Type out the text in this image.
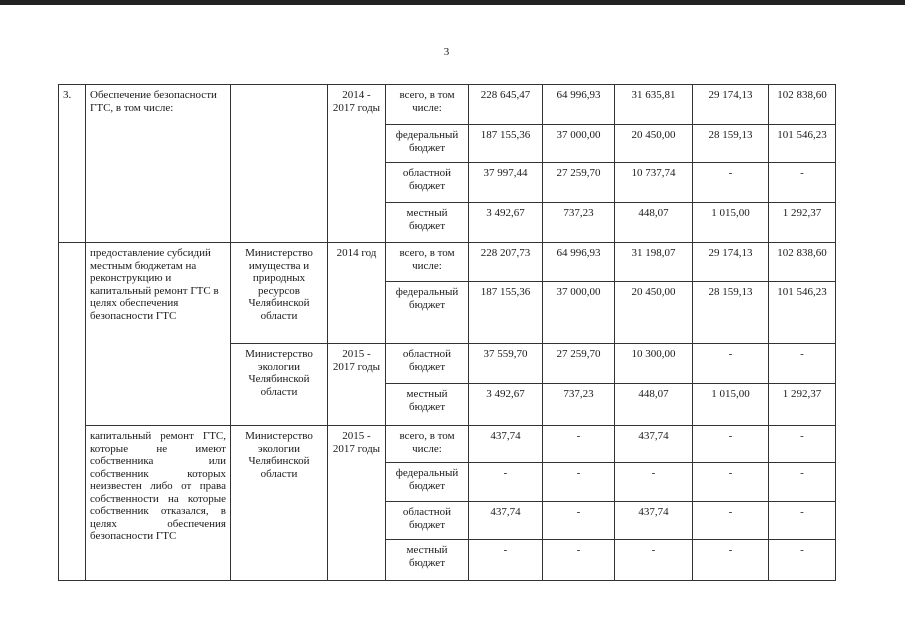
3
3.	Обеспечение безопасности ГТС, в том числе:		2014 - 2017 годы	всего, в том числе:	228 645,47	64 996,93	31 635,81	29 174,13	102 838,60
				федеральный бюджет	187 155,36	37 000,00	20 450,00	28 159,13	101 546,23
				областной бюджет	37 997,44	27 259,70	10 737,74	-	-
				местный бюджет	3 492,67	737,23	448,07	1 015,00	1 292,37
	предоставление субсидий местным бюджетам на реконструкцию и капитальный ремонт ГТС в целях обеспечения безопасности ГТС	Министерство имущества и природных ресурсов Челябинской области	2014 год	всего, в том числе:	228 207,73	64 996,93	31 198,07	29 174,13	102 838,60
				федеральный бюджет	187 155,36	37 000,00	20 450,00	28 159,13	101 546,23
		Министерство экологии Челябинской области	2015 - 2017 годы	областной бюджет	37 559,70	27 259,70	10 300,00	-	-
				местный бюджет	3 492,67	737,23	448,07	1 015,00	1 292,37
	капитальный ремонт ГТС, которые не имеют собственника или собственник которых неизвестен либо от права собственности на которые собственник отказался, в целях обеспечения безопасности ГТС	Министерство экологии Челябинской области	2015 - 2017 годы	всего, в том числе:	437,74	-	437,74	-	-
				федеральный бюджет	-	-	-	-	-
				областной бюджет	437,74	-	437,74	-	-
				местный бюджет	-	-	-	-	-
